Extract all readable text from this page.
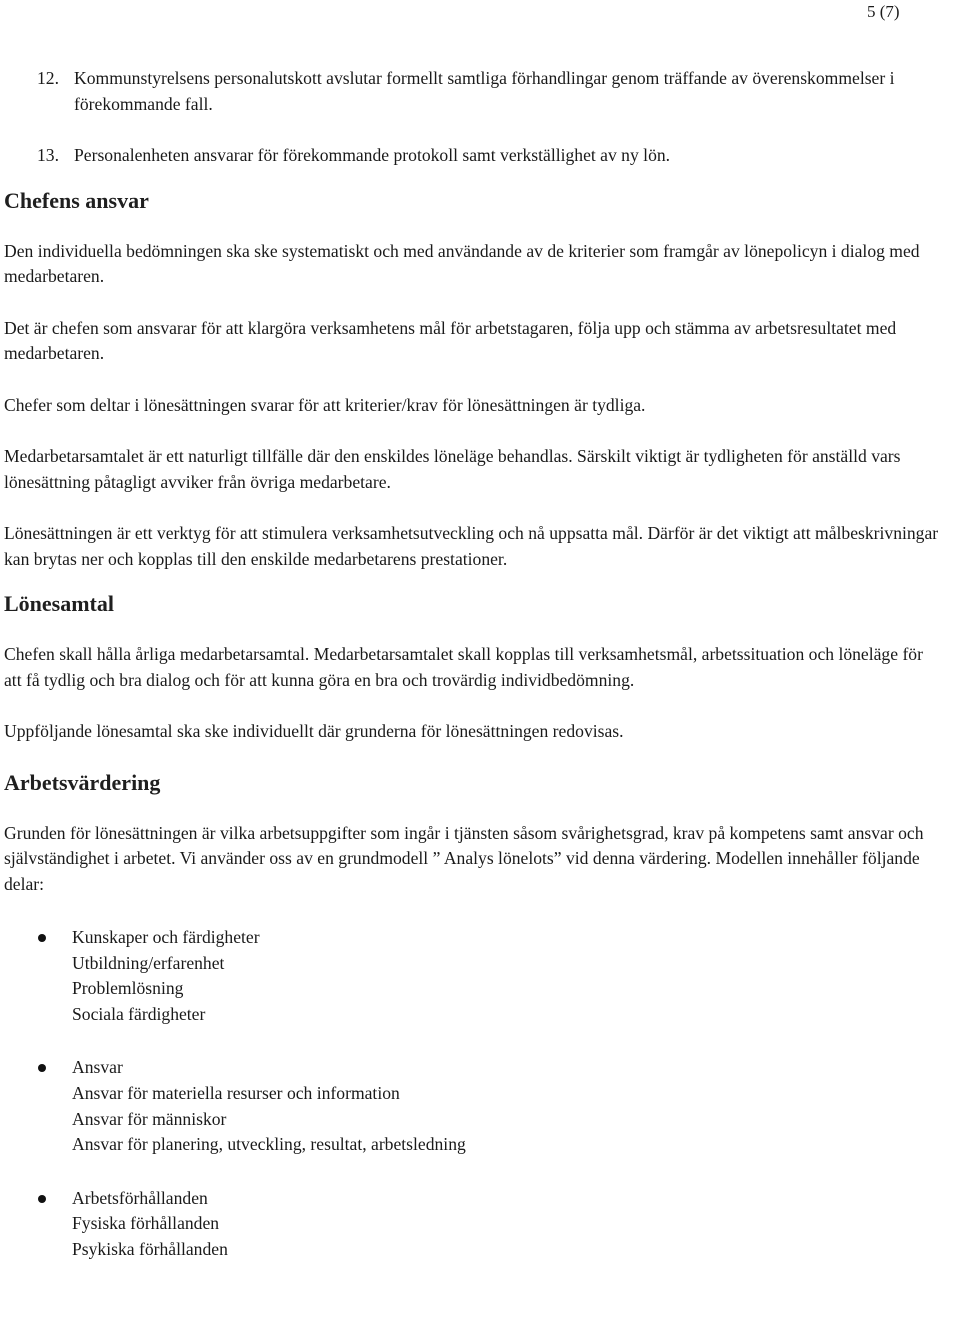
5 (7)
12. Kommunstyrelsens personalutskott avslutar formellt samtliga förhandlingar genom träffande av överenskommelser i förekommande fall.
13. Personalenheten ansvarar för förekommande protokoll samt verkställighet av ny lön.
Chefens ansvar

Den individuella bedömningen ska ske systematiskt och med användande av de kriterier som framgår av lönepolicyn i dialog med medarbetaren.

Det är chefen som ansvarar för att klargöra verksamhetens mål för arbetstagaren, följa upp och stämma av arbetsresultatet med medarbetaren.

Chefer som deltar i lönesättningen svarar för att kriterier/krav för lönesättningen är tydliga.

Medarbetarsamtalet är ett naturligt tillfälle där den enskildes löneläge behandlas. Särskilt viktigt är tydligheten för anställd vars lönesättning påtagligt avviker från övriga medarbetare.

Lönesättningen är ett verktyg för att stimulera verksamhetsutveckling och nå uppsatta mål. Därför är det viktigt att målbeskrivningar kan brytas ner och kopplas till den enskilde medarbetarens prestationer.

Lönesamtal

Chefen skall hålla årliga medarbetarsamtal. Medarbetarsamtalet skall kopplas till verksamhetsmål, arbetssituation och löneläge för att få tydlig och bra dialog och för att kunna göra en bra och trovärdig individbedömning.

Uppföljande lönesamtal ska ske individuellt där grunderna för lönesättningen redovisas.

Arbetsvärdering

Grunden för lönesättningen är vilka arbetsuppgifter som ingår i tjänsten såsom svårighetsgrad, krav på kompetens samt ansvar och självständighet i arbetet. Vi använder oss av en grundmodell ” Analys lönelots” vid denna värdering. Modellen innehåller följande delar:

Kunskaper och färdigheter
Utbildning/erfarenhet
Problemlösning
Sociala färdigheter
Ansvar
Ansvar för materiella resurser och information
Ansvar för människor
Ansvar för planering, utveckling, resultat, arbetsledning
Arbetsförhållanden
Fysiska förhållanden
Psykiska förhållanden
